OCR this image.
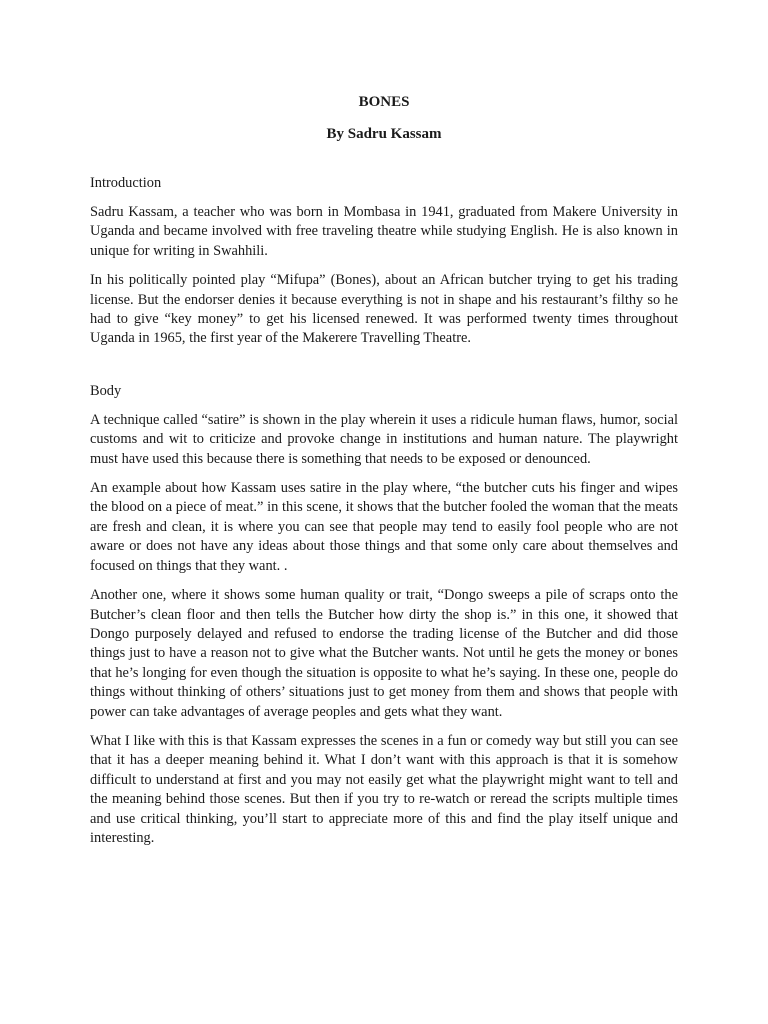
BONES
By Sadru Kassam
Introduction

Sadru Kassam, a teacher who was born in Mombasa in 1941, graduated from Makere University in Uganda and became involved with free traveling theatre while studying English. He is also known in unique for writing in Swahhili.

In his politically pointed play “Mifupa” (Bones), about an African butcher trying to get his trading license. But the endorser denies it because everything is not in shape and his restaurant’s filthy so he had to give “key money” to get his licensed renewed. It was performed twenty times throughout Uganda in 1965, the first year of the Makerere Travelling Theatre.

Body

A technique called “satire” is shown in the play wherein it uses a ridicule human flaws, humor, social customs and wit to criticize and provoke change in institutions and human nature. The playwright must have used this because there is something that needs to be exposed or denounced.

An example about how Kassam uses satire in the play where, “the butcher cuts his finger and wipes the blood on a piece of meat.” in this scene, it shows that the butcher fooled the woman that the meats are fresh and clean, it is where you can see that people may tend to easily fool people who are not aware or does not have any ideas about those things and that some only care about themselves and focused on things that they want. .

Another one, where it shows some human quality or trait, “Dongo sweeps a pile of scraps onto the Butcher’s clean floor and then tells the Butcher how dirty the shop is.” in this one, it showed that Dongo purposely delayed and refused to endorse the trading license of the Butcher and did those things just to have a reason not to give what the Butcher wants. Not until he gets the money or bones that he’s longing for even though the situation is opposite to what he’s saying. In these one, people do things without thinking of others’ situations just to get money from them and shows that people with power can take advantages of average peoples and gets what they want.

What I like with this is that Kassam expresses the scenes in a fun or comedy way but still you can see that it has a deeper meaning behind it. What I don’t want with this approach is that it is somehow difficult to understand at first and you may not easily get what the playwright might want to tell and the meaning behind those scenes. But then if you try to re-watch or reread the scripts multiple times and use critical thinking, you’ll start to appreciate more of this and find the play itself unique and interesting.
